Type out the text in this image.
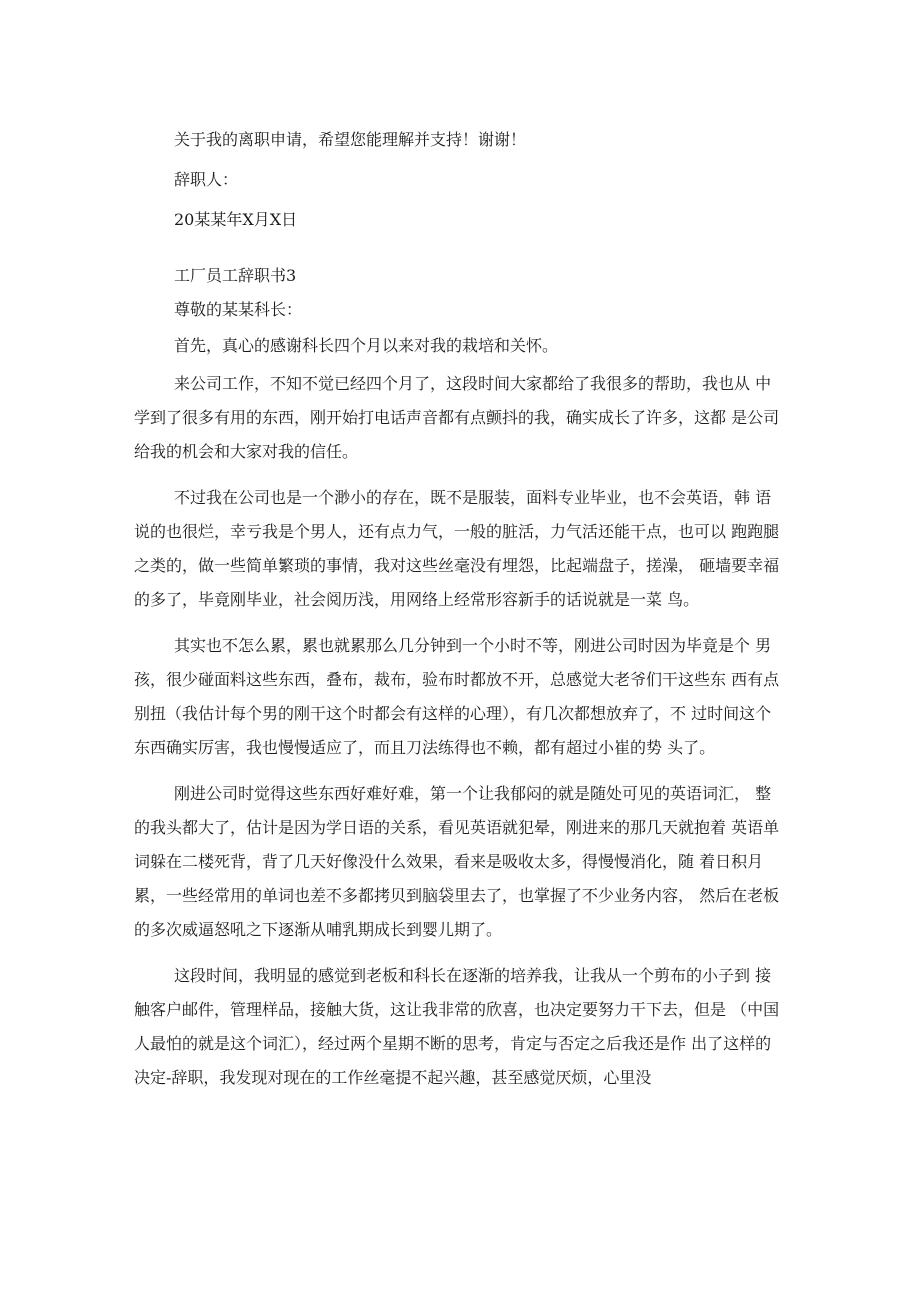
关于我的离职申请，希望您能理解并支持！谢谢！

辞职人：

20某某年X月X日

工厂员工辞职书3

尊敬的某某科长：

首先，真心的感谢科长四个月以来对我的栽培和关怀。

来公司工作，不知不觉已经四个月了，这段时间大家都给了我很多的帮助，我也从 中学到了很多有用的东西，刚开始打电话声音都有点颤抖的我，确实成长了许多，这都 是公司给我的机会和大家对我的信任。
不过我在公司也是一个渺小的存在，既不是服装，面料专业毕业，也不会英语，韩 语说的也很烂，幸亏我是个男人，还有点力气，一般的脏活，力气活还能干点，也可以 跑跑腿之类的，做一些简单繁琐的事情，我对这些丝毫没有埋怨，比起端盘子，搓澡， 砸墙要幸福的多了，毕竟刚毕业，社会阅历浅，用网络上经常形容新手的话说就是一菜 鸟。
其实也不怎么累，累也就累那么几分钟到一个小时不等，刚进公司时因为毕竟是个 男孩，很少碰面料这些东西，叠布，裁布，验布时都放不开，总感觉大老爷们干这些东 西有点别扭（我估计每个男的刚干这个时都会有这样的心理），有几次都想放弃了，不 过时间这个东西确实厉害，我也慢慢适应了，而且刀法练得也不赖，都有超过小崔的势 头了。
刚进公司时觉得这些东西好难好难，第一个让我郁闷的就是随处可见的英语词汇， 整的我头都大了，估计是因为学日语的关系，看见英语就犯晕，刚进来的那几天就抱着 英语单词躲在二楼死背，背了几天好像没什么效果，看来是吸收太多，得慢慢消化，随 着日积月累，一些经常用的单词也差不多都拷贝到脑袋里去了，也掌握了不少业务内容， 然后在老板的多次威逼怒吼之下逐渐从哺乳期成长到婴儿期了。
这段时间，我明显的感觉到老板和科长在逐渐的培养我，让我从一个剪布的小子到 接触客户邮件，管理样品，接触大货，这让我非常的欣喜，也决定要努力干下去，但是 （中国人最怕的就是这个词汇），经过两个星期不断的思考，肯定与否定之后我还是作 出了这样的决定-辞职，我发现对现在的工作丝毫提不起兴趣，甚至感觉厌烦，心里没
